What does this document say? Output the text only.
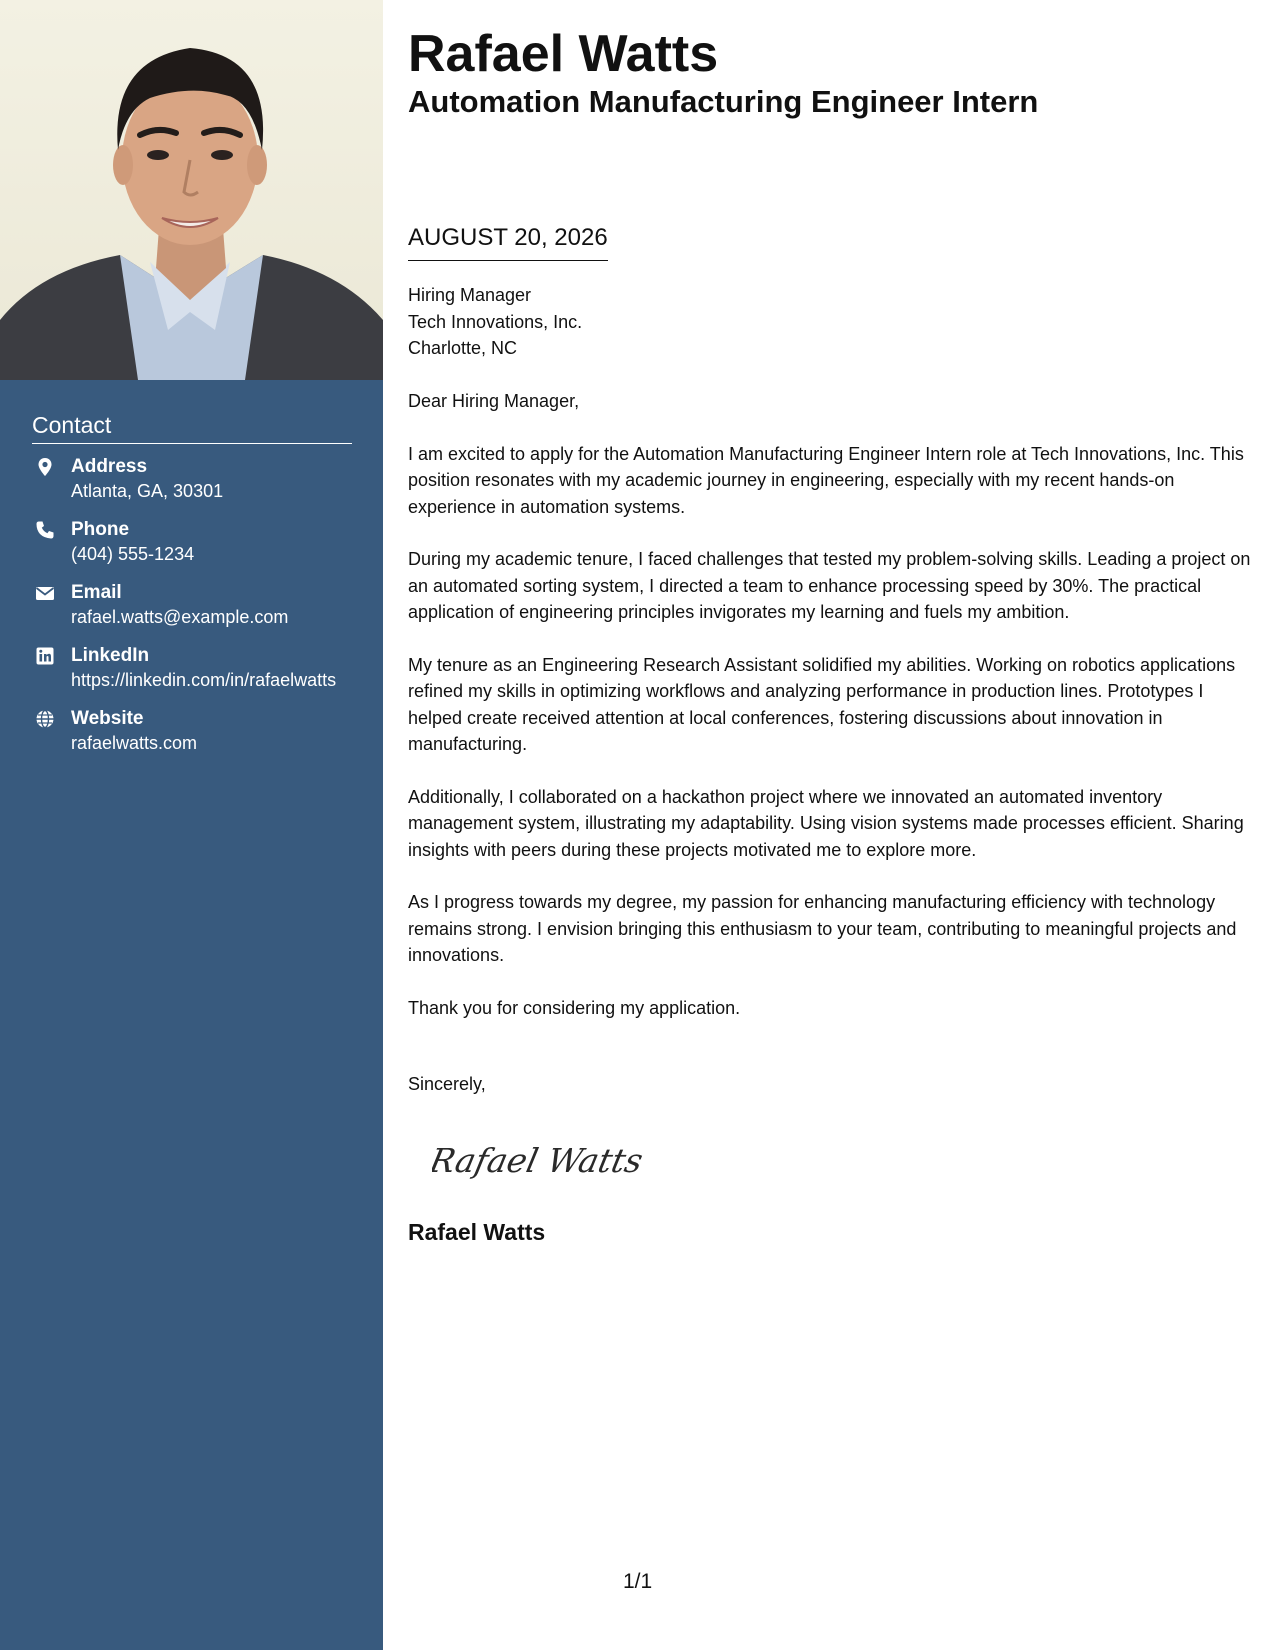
Contact
Address
Atlanta, GA, 30301
Phone
(404) 555-1234
Email
rafael.watts@example.com
LinkedIn
https://linkedin.com/in/rafaelwatts
Website
rafaelwatts.com
Rafael Watts
Automation Manufacturing Engineer Intern
AUGUST 20, 2026
Hiring Manager
Tech Innovations, Inc.
Charlotte, NC

Dear Hiring Manager,

I am excited to apply for the Automation Manufacturing Engineer Intern role at Tech Innovations, Inc. This position resonates with my academic journey in engineering, especially with my recent hands-on experience in automation systems.

During my academic tenure, I faced challenges that tested my problem-solving skills. Leading a project on an automated sorting system, I directed a team to enhance processing speed by 30%. The practical application of engineering principles invigorates my learning and fuels my ambition.

My tenure as an Engineering Research Assistant solidified my abilities. Working on robotics applications refined my skills in optimizing workflows and analyzing performance in production lines. Prototypes I helped create received attention at local conferences, fostering discussions about innovation in manufacturing.

Additionally, I collaborated on a hackathon project where we innovated an automated inventory management system, illustrating my adaptability. Using vision systems made processes efficient. Sharing insights with peers during these projects motivated me to explore more.

As I progress towards my degree, my passion for enhancing manufacturing efficiency with technology remains strong. I envision bringing this enthusiasm to your team, contributing to meaningful projects and innovations.

Thank you for considering my application.

Sincerely,
Rafael Watts
Rafael Watts
1/1
